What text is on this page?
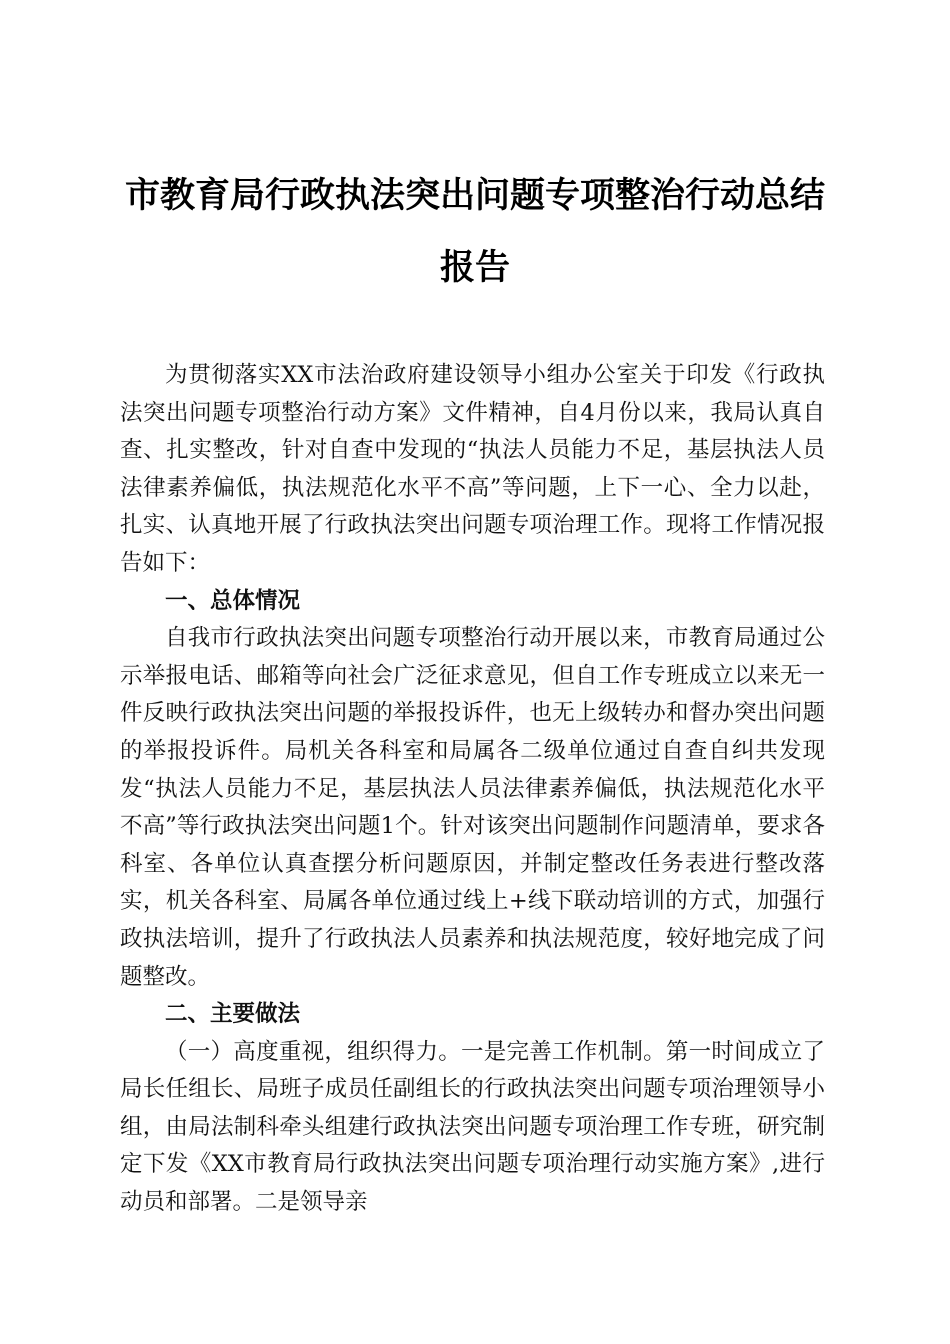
市教育局行政执法突出问题专项整治行动总结
报告

为贯彻落实XX市法治政府建设领导小组办公室关于印发《行政执法突出问题专项整治行动方案》文件精神，自4月份以来，我局认真自查、扎实整改，针对自查中发现的“执法人员能力不足，基层执法人员法律素养偏低，执法规范化水平不高”等问题，上下一心、全力以赴，扎实、认真地开展了行政执法突出问题专项治理工作。现将工作情况报告如下：

一、总体情况

自我市行政执法突出问题专项整治行动开展以来，市教育局通过公示举报电话、邮箱等向社会广泛征求意见，但自工作专班成立以来无一件反映行政执法突出问题的举报投诉件，也无上级转办和督办突出问题的举报投诉件。局机关各科室和局属各二级单位通过自查自纠共发现发“执法人员能力不足，基层执法人员法律素养偏低，执法规范化水平不高”等行政执法突出问题1个。针对该突出问题制作问题清单，要求各科室、各单位认真查摆分析问题原因，并制定整改任务表进行整改落实，机关各科室、局属各单位通过线上+线下联动培训的方式，加强行政执法培训，提升了行政执法人员素养和执法规范度，较好地完成了问题整改。

二、主要做法

（一）高度重视，组织得力。一是完善工作机制。第一时间成立了局长任组长、局班子成员任副组长的行政执法突出问题专项治理领导小组，由局法制科牵头组建行政执法突出问题专项治理工作专班，研究制定下发《XX市教育局行政执法突出问题专项治理行动实施方案》,进行动员和部署。二是领导亲
